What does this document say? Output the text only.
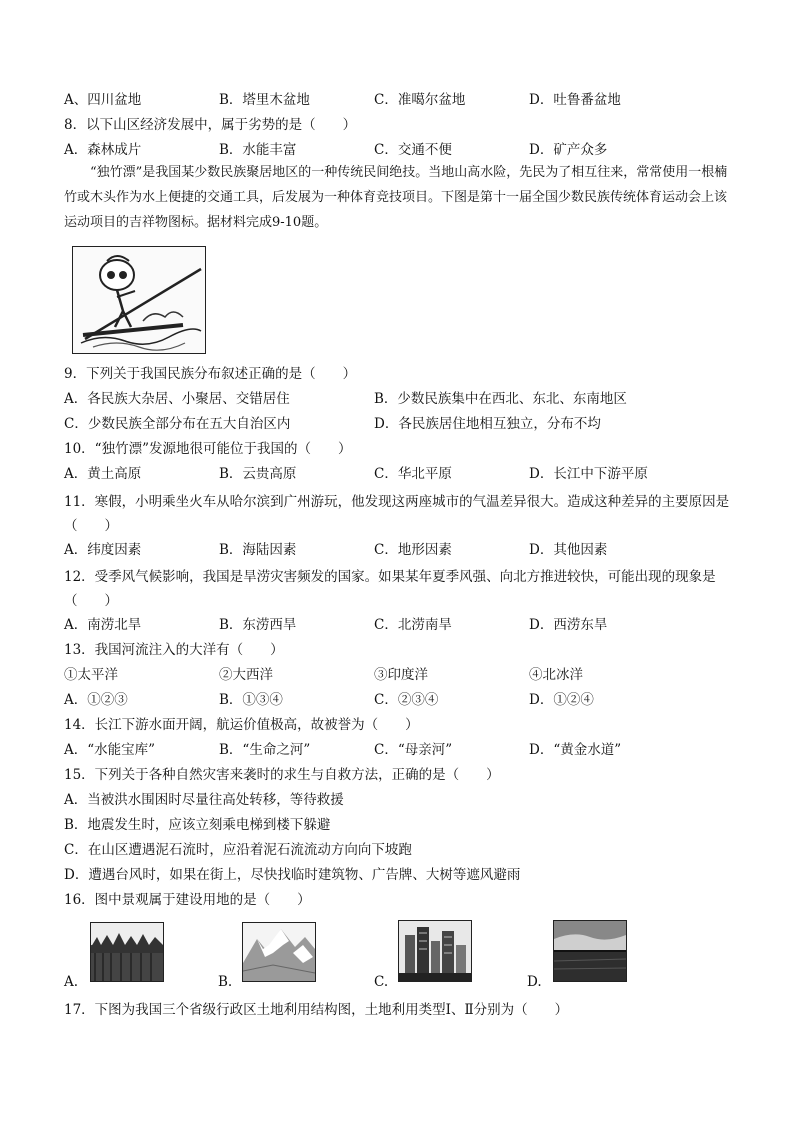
A、四川盆地	B．塔里木盆地	C．准噶尔盆地	D．吐鲁番盆地
8．以下山区经济发展中，属于劣势的是（　　）
A．森林成片	B．水能丰富	C．交通不便	D．矿产众多
“独竹漂”是我国某少数民族聚居地区的一种传统民间绝技。当地山高水险，先民为了相互往来，常常使用一根楠竹或木头作为水上便捷的交通工具，后发展为一种体育竞技项目。下图是第十一届全国少数民族传统体育运动会上该运动项目的吉祥物图标。据材料完成9-10题。
9．下列关于我国民族分布叙述正确的是（　　）
A．各民族大杂居、小聚居、交错居住	B．少数民族集中在西北、东北、东南地区
C．少数民族全部分布在五大自治区内	D．各民族居住地相互独立，分布不均
10．“独竹漂”发源地很可能位于我国的（　　）
A．黄土高原	B．云贵高原	C．华北平原	D．长江中下游平原
11．寒假，小明乘坐火车从哈尔滨到广州游玩，他发现这两座城市的气温差异很大。造成这种差异的主要原因是（　　）
A．纬度因素	B．海陆因素	C．地形因素	D．其他因素
12．受季风气候影响，我国是旱涝灾害频发的国家。如果某年夏季风强、向北方推进较快，可能出现的现象是（　　）
A．南涝北旱	B．东涝西旱	C．北涝南旱	D．西涝东旱
13．我国河流注入的大洋有（　　）
①太平洋	②大西洋	③印度洋	④北冰洋
A．①②③	B．①③④	C．②③④	D．①②④
14．长江下游水面开阔，航运价值极高，故被誉为（　　）
A．“水能宝库”	B．“生命之河”	C．“母亲河”	D．“黄金水道”
15．下列关于各种自然灾害来袭时的求生与自救方法，正确的是（　　）
A．当被洪水围困时尽量往高处转移，等待救援
B．地震发生时，应该立刻乘电梯到楼下躲避
C．在山区遭遇泥石流时，应沿着泥石流流动方向向下坡跑
D．遭遇台风时，如果在街上，尽快找临时建筑物、广告牌、大树等遮风避雨
16．图中景观属于建设用地的是（　　）
A.	B.	C.	D.
17．下图为我国三个省级行政区土地利用结构图，土地利用类型Ⅰ、Ⅱ分别为（　　）
